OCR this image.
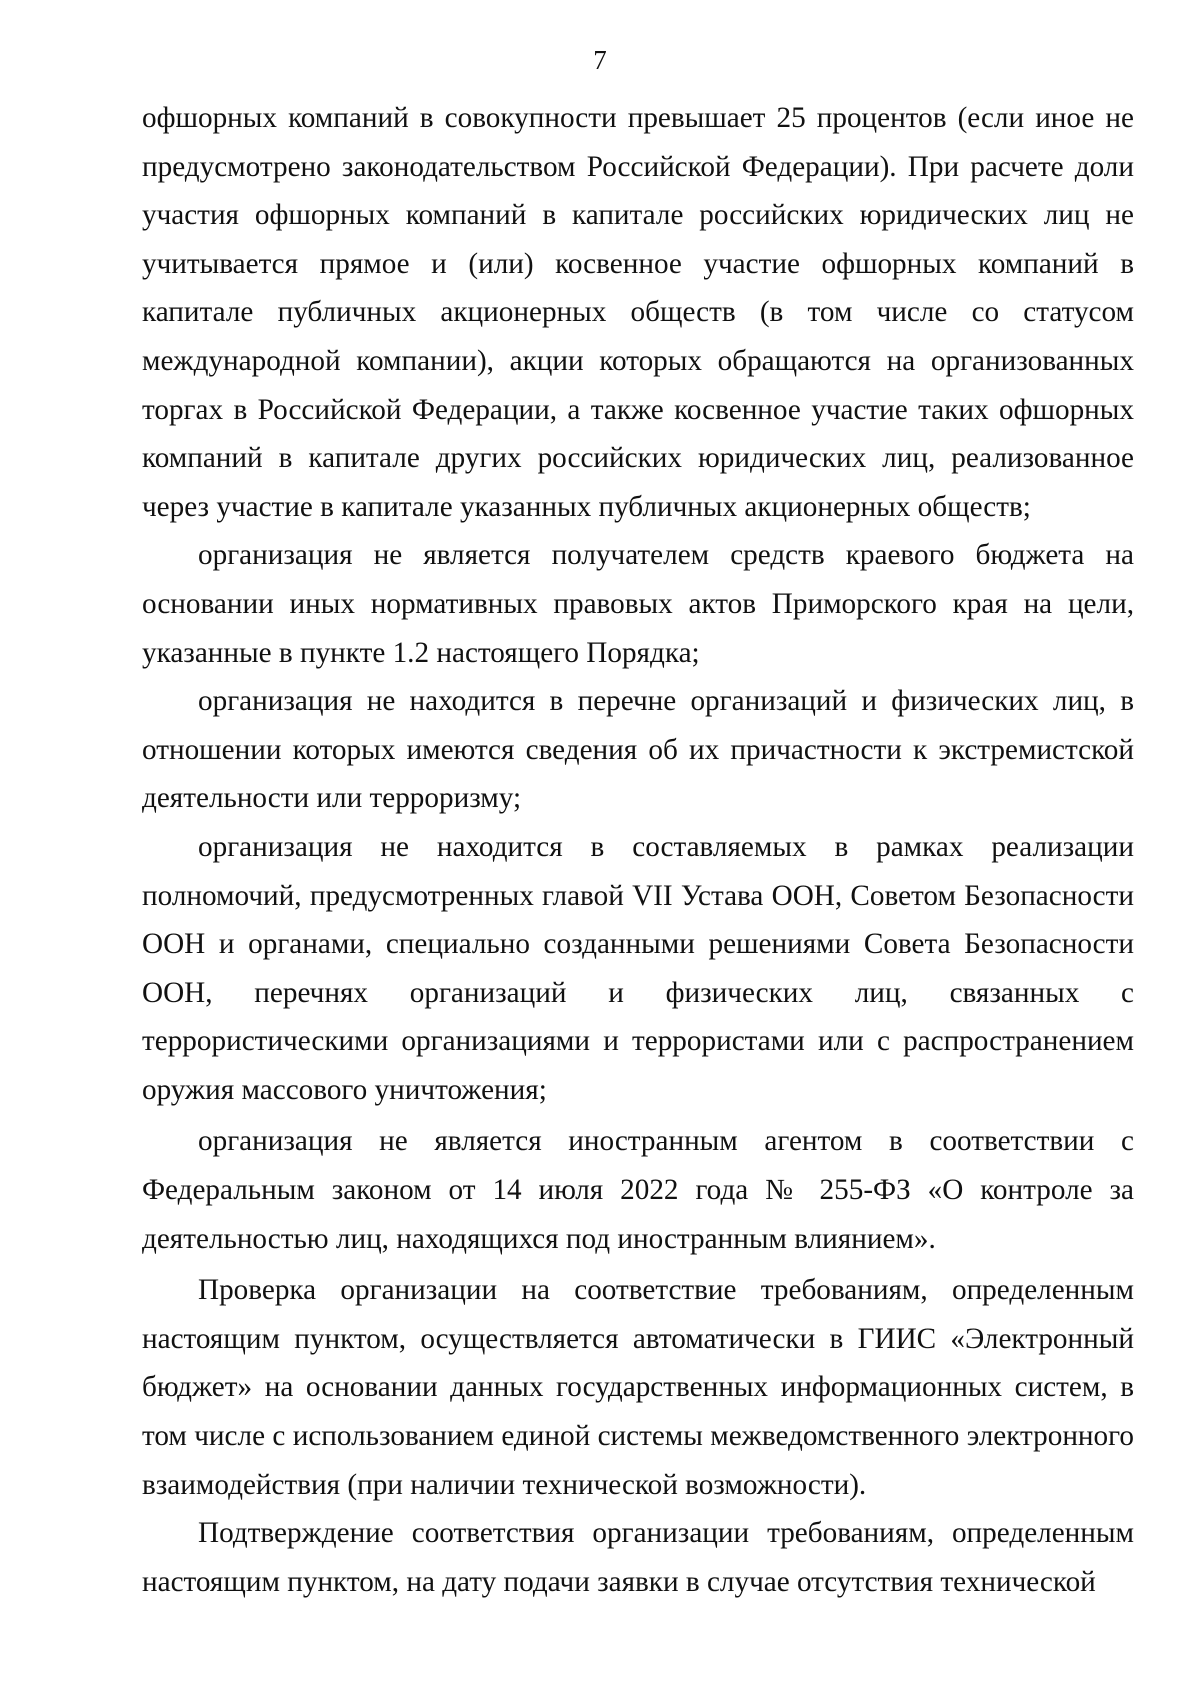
7

офшорных компаний в совокупности превышает 25 процентов (если иное не предусмотрено законодательством Российской Федерации). При расчете доли участия офшорных компаний в капитале российских юридических лиц не учитывается прямое и (или) косвенное участие офшорных компаний в капитале публичных акционерных обществ (в том числе со статусом международной компании), акции которых обращаются на организованных торгах в Российской Федерации, а также косвенное участие таких офшорных компаний в капитале других российских юридических лиц, реализованное через участие в капитале указанных публичных акционерных обществ;

организация не является получателем средств краевого бюджета на основании иных нормативных правовых актов Приморского края на цели, указанные в пункте 1.2 настоящего Порядка;

организация не находится в перечне организаций и физических лиц, в отношении которых имеются сведения об их причастности к экстремистской деятельности или терроризму;

организация не находится в составляемых в рамках реализации полномочий, предусмотренных главой VII Устава ООН, Советом Безопасности ООН и органами, специально созданными решениями Совета Безопасности ООН, перечнях организаций и физических лиц, связанных с террористическими организациями и террористами или с распространением оружия массового уничтожения;

организация не является иностранным агентом в соответствии с Федеральным законом от 14 июля 2022 года № 255-ФЗ «О контроле за деятельностью лиц, находящихся под иностранным влиянием».

Проверка организации на соответствие требованиям, определенным настоящим пунктом, осуществляется автоматически в ГИИС «Электронный бюджет» на основании данных государственных информационных систем, в том числе с использованием единой системы межведомственного электронного взаимодействия (при наличии технической возможности).

Подтверждение соответствия организации требованиям, определенным настоящим пунктом, на дату подачи заявки в случае отсутствия технической
